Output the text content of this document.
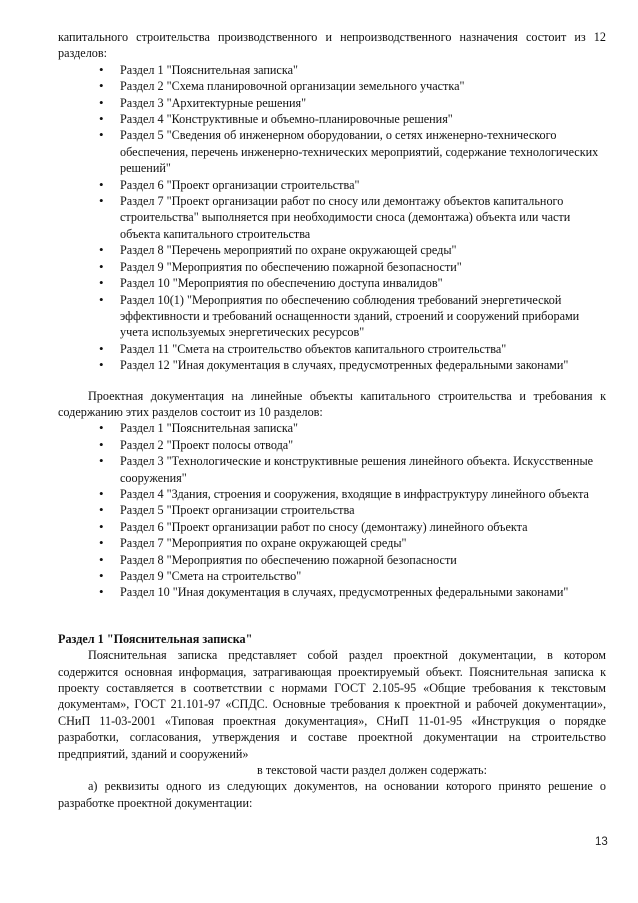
капитального строительства производственного и непроизводственного назначения состоит из 12 разделов:

• Раздел 1 "Пояснительная записка"
• Раздел 2 "Схема планировочной организации земельного участка"
• Раздел 3 "Архитектурные решения"
• Раздел 4 "Конструктивные и объемно-планировочные решения"
• Раздел 5 "Сведения об инженерном оборудовании, о сетях инженерно-технического обеспечения, перечень инженерно-технических мероприятий, содержание технологических решений"
• Раздел 6 "Проект организации строительства"
• Раздел 7 "Проект организации работ по сносу или демонтажу объектов капитального строительства" выполняется при необходимости сноса (демонтажа) объекта или части объекта капитального строительства
• Раздел 8 "Перечень мероприятий по охране окружающей среды"
• Раздел 9 "Мероприятия по обеспечению пожарной безопасности"
• Раздел 10 "Мероприятия по обеспечению доступа инвалидов"
• Раздел 10(1) "Мероприятия по обеспечению соблюдения требований энергетической эффективности и требований оснащенности зданий, строений и сооружений приборами учета используемых энергетических ресурсов"
• Раздел 11 "Смета на строительство объектов капитального строительства"
• Раздел 12 "Иная документация в случаях, предусмотренных федеральными законами"

Проектная документация на линейные объекты капитального строительства и требования к содержанию этих разделов состоит из 10 разделов:

• Раздел 1 "Пояснительная записка"
• Раздел 2 "Проект полосы отвода"
• Раздел 3 "Технологические и конструктивные решения линейного объекта. Искусственные сооружения"
• Раздел 4 "Здания, строения и сооружения, входящие в инфраструктуру линейного объекта
• Раздел 5 "Проект организации строительства
• Раздел 6 "Проект организации работ по сносу (демонтажу) линейного объекта
• Раздел 7 "Мероприятия по охране окружающей среды"
• Раздел 8 "Мероприятия по обеспечению пожарной безопасности
• Раздел 9 "Смета на строительство"
• Раздел 10 "Иная документация в случаях, предусмотренных федеральными законами"

Раздел 1 "Пояснительная записка"

Пояснительная записка представляет собой раздел проектной документации, в котором содержится основная информация, затрагивающая проектируемый объект. Пояснительная записка к проекту составляется в соответствии с нормами ГОСТ 2.105-95 «Общие требования к текстовым документам», ГОСТ 21.101-97 «СПДС. Основные требования к проектной и рабочей документации», СНиП 11-03-2001 «Типовая проектная документация», СНиП 11-01-95 «Инструкция о порядке разработки, согласования, утверждения и составе проектной документации на строительство предприятий, зданий и сооружений»

в текстовой части раздел должен содержать:

а) реквизиты одного из следующих документов, на основании которого принято решение о разработке проектной документации:

13
